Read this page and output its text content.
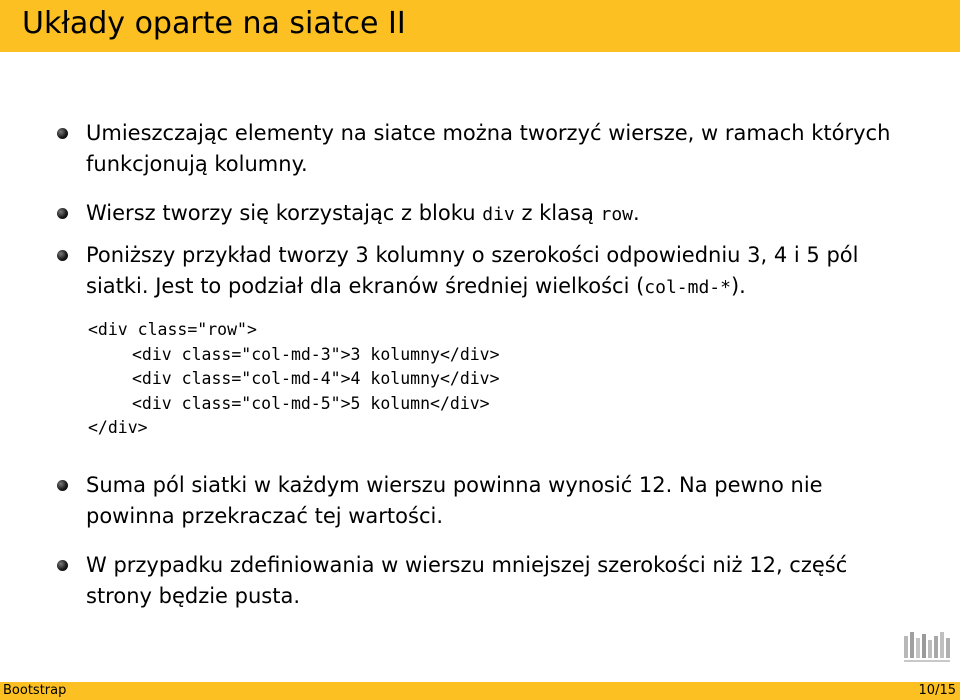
Układy oparte na siatce II
Umieszczając elementy na siatce można tworzyć wiersze, w ramach których
funkcjonują kolumny.
Wiersz tworzy się korzystając z bloku div z klasą row.
Poniższy przykład tworzy 3 kolumny o szerokości odpowiedniu 3, 4 i 5 pól
siatki. Jest to podział dla ekranów średniej wielkości (col-md-*).
<div class="row">
<div class="col-md-3">3 kolumny</div>
<div class="col-md-4">4 kolumny</div>
<div class="col-md-5">5 kolumn</div>
</div>
Suma pól siatki w każdym wierszu powinna wynosić 12. Na pewno nie
powinna przekraczać tej wartości.
W przypadku zdefiniowania w wierszu mniejszej szerokości niż 12, część
strony będzie pusta.
Bootstrap	10/15
